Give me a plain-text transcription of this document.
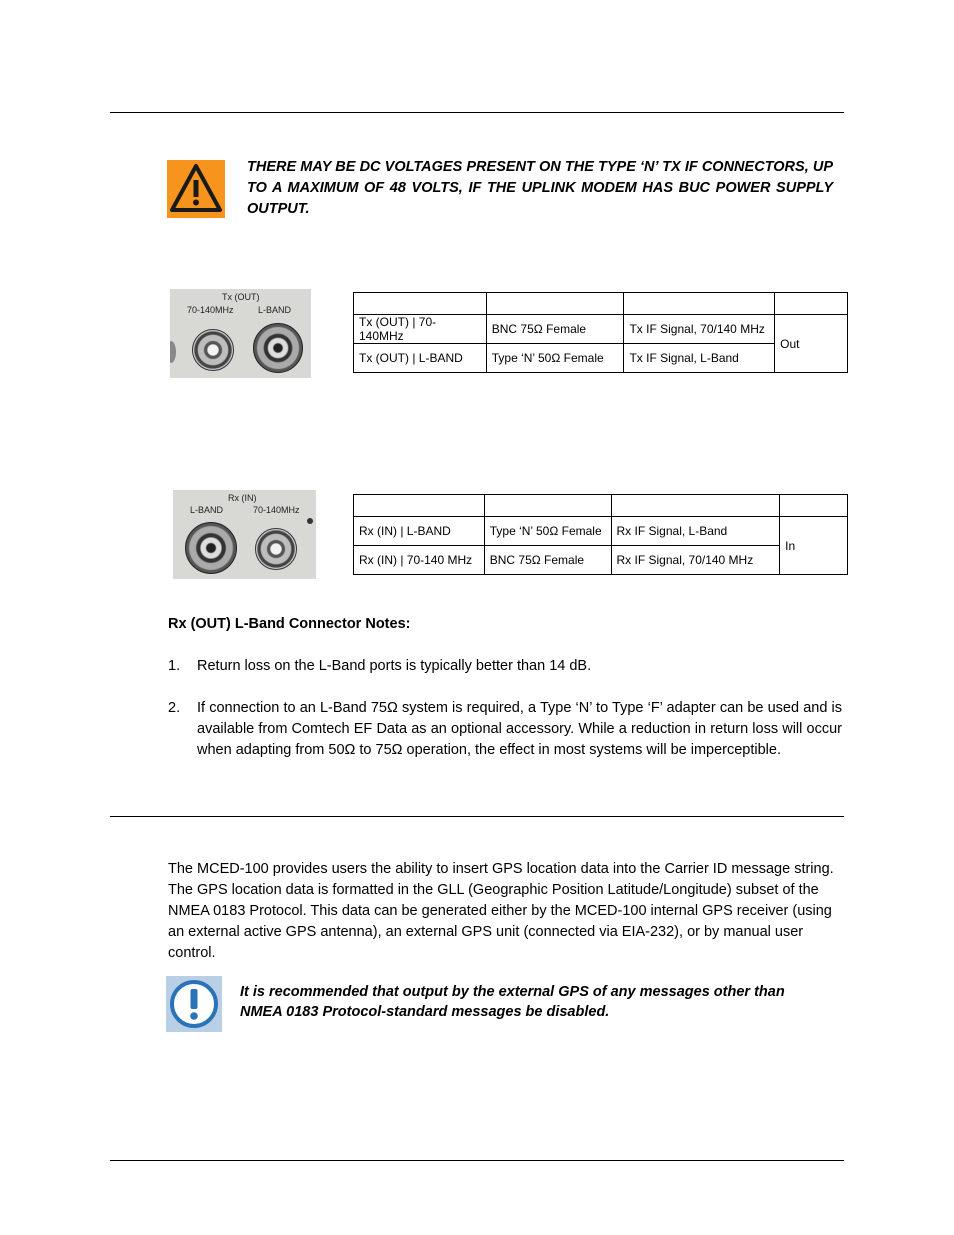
THERE MAY BE DC VOLTAGES PRESENT ON THE TYPE ‘N’ TX IF CONNECTORS, UP TO A MAXIMUM OF 48 VOLTS, IF THE UPLINK MODEM HAS BUC POWER SUPPLY OUTPUT.
Tx (OUT)
70-140MHz	L-BAND

Tx (OUT) | 70-140MHz	BNC 75Ω Female	Tx IF Signal, 70/140 MHz	Out
Tx (OUT) | L-BAND	Type ‘N’ 50Ω Female	Tx IF Signal, L-Band	
Rx (IN)
L-BAND	70-140MHz

Rx (IN) | L-BAND	Type ‘N’ 50Ω Female	Rx IF Signal, L-Band	In
Rx (IN) | 70-140 MHz	BNC 75Ω Female	Rx IF Signal, 70/140 MHz	
Rx (OUT) L-Band Connector Notes:
1. Return loss on the L-Band ports is typically better than 14 dB.
2. If connection to an L-Band 75Ω system is required, a Type ‘N’ to Type ‘F’ adapter can be used and is available from Comtech EF Data as an optional accessory. While a reduction in return loss will occur when adapting from 50Ω to 75Ω operation, the effect in most systems will be imperceptible.
The MCED-100 provides users the ability to insert GPS location data into the Carrier ID message string. The GPS location data is formatted in the GLL (Geographic Position Latitude/Longitude) subset of the NMEA 0183 Protocol. This data can be generated either by the MCED-100 internal GPS receiver (using an external active GPS antenna), an external GPS unit (connected via EIA-232), or by manual user control.
It is recommended that output by the external GPS of any messages other than NMEA 0183 Protocol-standard messages be disabled.
